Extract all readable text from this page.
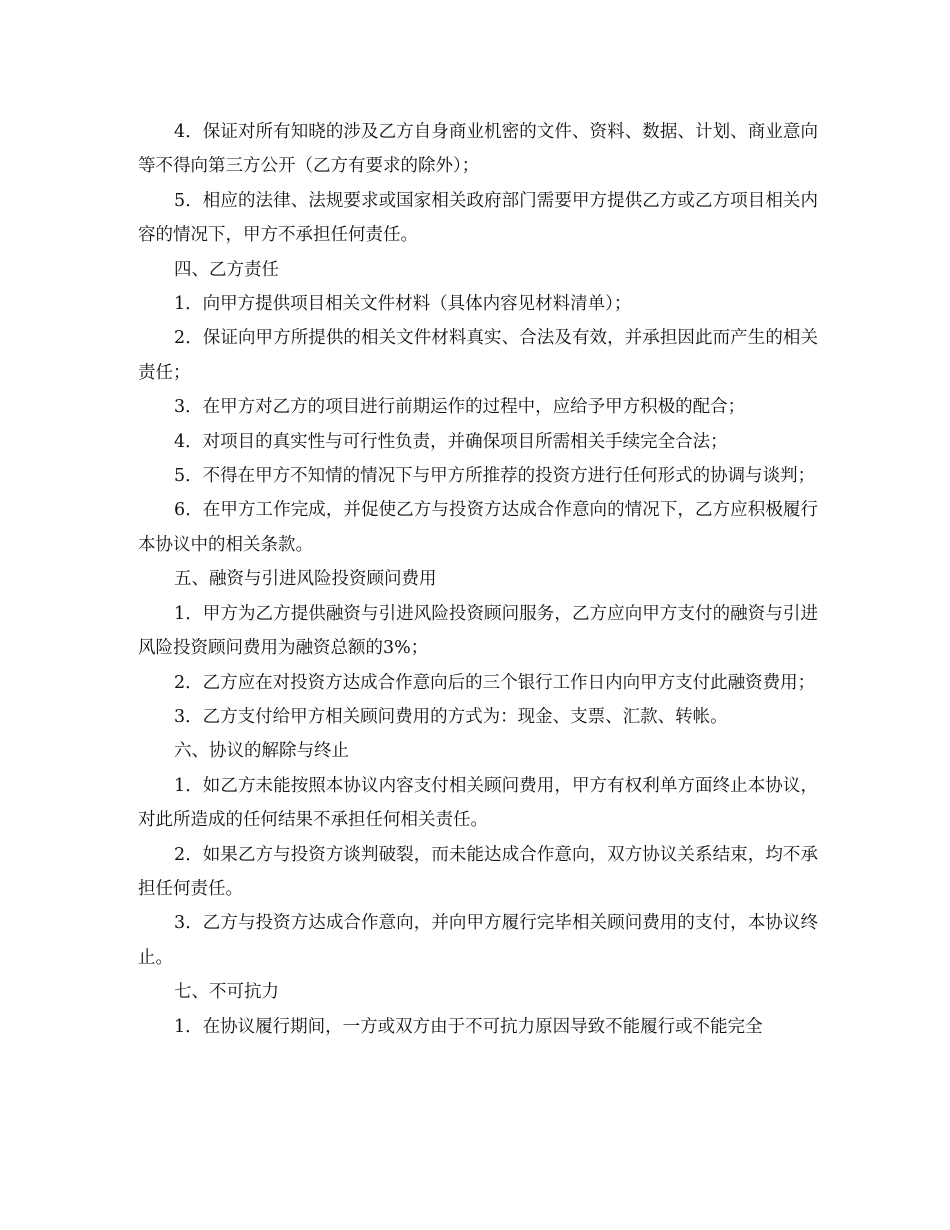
4．保证对所有知晓的涉及乙方自身商业机密的文件、资料、数据、计划、商业意向等不得向第三方公开（乙方有要求的除外）；

5．相应的法律、法规要求或国家相关政府部门需要甲方提供乙方或乙方项目相关内容的情况下，甲方不承担任何责任。

四、乙方责任

1．向甲方提供项目相关文件材料（具体内容见材料清单）；

2．保证向甲方所提供的相关文件材料真实、合法及有效，并承担因此而产生的相关责任；

3．在甲方对乙方的项目进行前期运作的过程中，应给予甲方积极的配合；

4．对项目的真实性与可行性负责，并确保项目所需相关手续完全合法；

5．不得在甲方不知情的情况下与甲方所推荐的投资方进行任何形式的协调与谈判；

6．在甲方工作完成，并促使乙方与投资方达成合作意向的情况下，乙方应积极履行本协议中的相关条款。

五、融资与引进风险投资顾问费用

1．甲方为乙方提供融资与引进风险投资顾问服务，乙方应向甲方支付的融资与引进风险投资顾问费用为融资总额的3%；

2．乙方应在对投资方达成合作意向后的三个银行工作日内向甲方支付此融资费用；

3．乙方支付给甲方相关顾问费用的方式为：现金、支票、汇款、转帐。

六、协议的解除与终止

1．如乙方未能按照本协议内容支付相关顾问费用，甲方有权利单方面终止本协议，对此所造成的任何结果不承担任何相关责任。

2．如果乙方与投资方谈判破裂，而未能达成合作意向，双方协议关系结束，均不承担任何责任。

3．乙方与投资方达成合作意向，并向甲方履行完毕相关顾问费用的支付，本协议终止。

七、不可抗力

1．在协议履行期间，一方或双方由于不可抗力原因导致不能履行或不能完全
